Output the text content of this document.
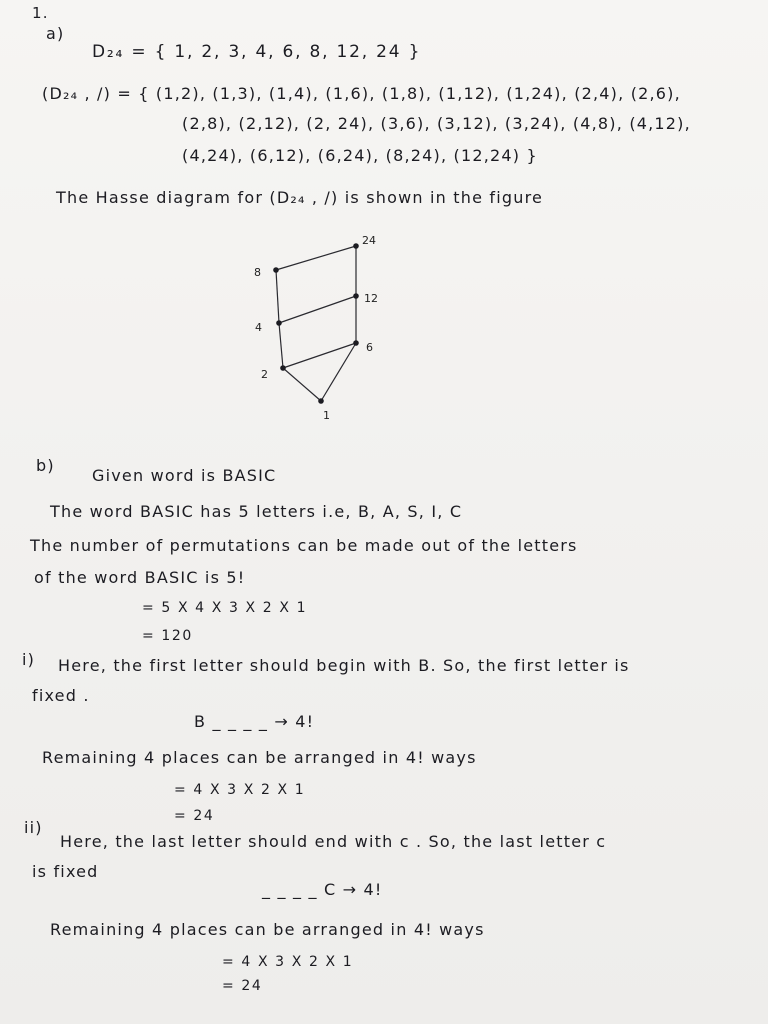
1.
a)
D₂₄ = { 1, 2, 3, 4, 6, 8, 12, 24 }
(D₂₄ , /) = { (1,2), (1,3), (1,4), (1,6), (1,8), (1,12), (1,24), (2,4), (2,6),
(2,8), (2,12), (2, 24), (3,6), (3,12), (3,24), (4,8), (4,12),
(4,24), (6,12), (6,24), (8,24), (12,24) }
The Hasse diagram for (D₂₄ , /) is shown in the figure
24
8
12
4
6
2
1
b)
Given word is BASIC
The word BASIC has 5 letters i.e, B, A, S, I, C
The number of permutations can be made out of the letters
of the word BASIC is 5!
= 5 X 4 X 3 X 2 X 1
= 120
i) Here, the first letter should begin with B. So, the first letter is
fixed .
B _ _ _ _ → 4!
Remaining 4 places can be arranged in 4! ways
= 4 X 3 X 2 X 1
= 24
ii)
Here, the last letter should end with c . So, the last letter c
is fixed
_ _ _ _ C → 4!
Remaining 4 places can be arranged in 4! ways
= 4 X 3 X 2 X 1
= 24
